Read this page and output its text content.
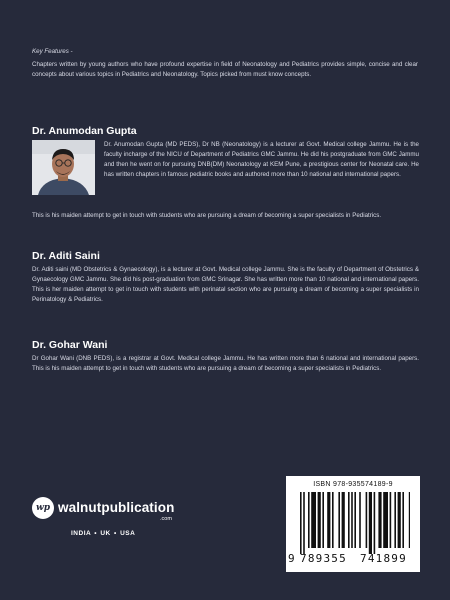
Key Features -
Chapters written by young authors who have profound expertise in field of Neonatology and Pediatrics provides simple, concise and clear concepts about various topics in Pediatrics and Neonatology. Topics picked from must know concepts.
Dr. Anumodan Gupta
Dr. Anumodan Gupta (MD PEDS), Dr NB (Neonatology) is a lecturer at Govt. Medical college Jammu. He is the faculty incharge of the NICU of Department of Pediatrics GMC Jammu. He did his postgraduate from GMC Jammu and then he went on for pursuing DNB(DM) Neonatology at KEM Pune, a prestigious center for Neonatal care. He has written chapters in famous pediatric books and authored more than 10 national and international papers.
This is his maiden attempt to get in touch with students who are pursuing a dream of becoming a super specialists in Pediatrics.
Dr. Aditi Saini
Dr. Aditi saini (MD Obstetrics & Gynaecology), is a lecturer at Govt. Medical college Jammu. She is the faculty of Department of Obstetrics & Gynaecology GMC Jammu. She did his post-graduation from GMC Srinagar. She has written more than 10 national and international papers. This is her maiden attempt to get in touch with students with perinatal section who are pursuing a dream of becoming a super specialists in Perinatology & Pediatrics.
Dr. Gohar Wani
Dr Gohar Wani (DNB PEDS), is a registrar at Govt. Medical college Jammu. He has written more than 6 national and international papers. This is his maiden attempt to get in touch with students who are pursuing a dream of becoming a super specialists in Pediatrics.
wp walnutpublication
.com
INDIA • UK • USA
ISBN 978-935574189-9
9 789355 741899
